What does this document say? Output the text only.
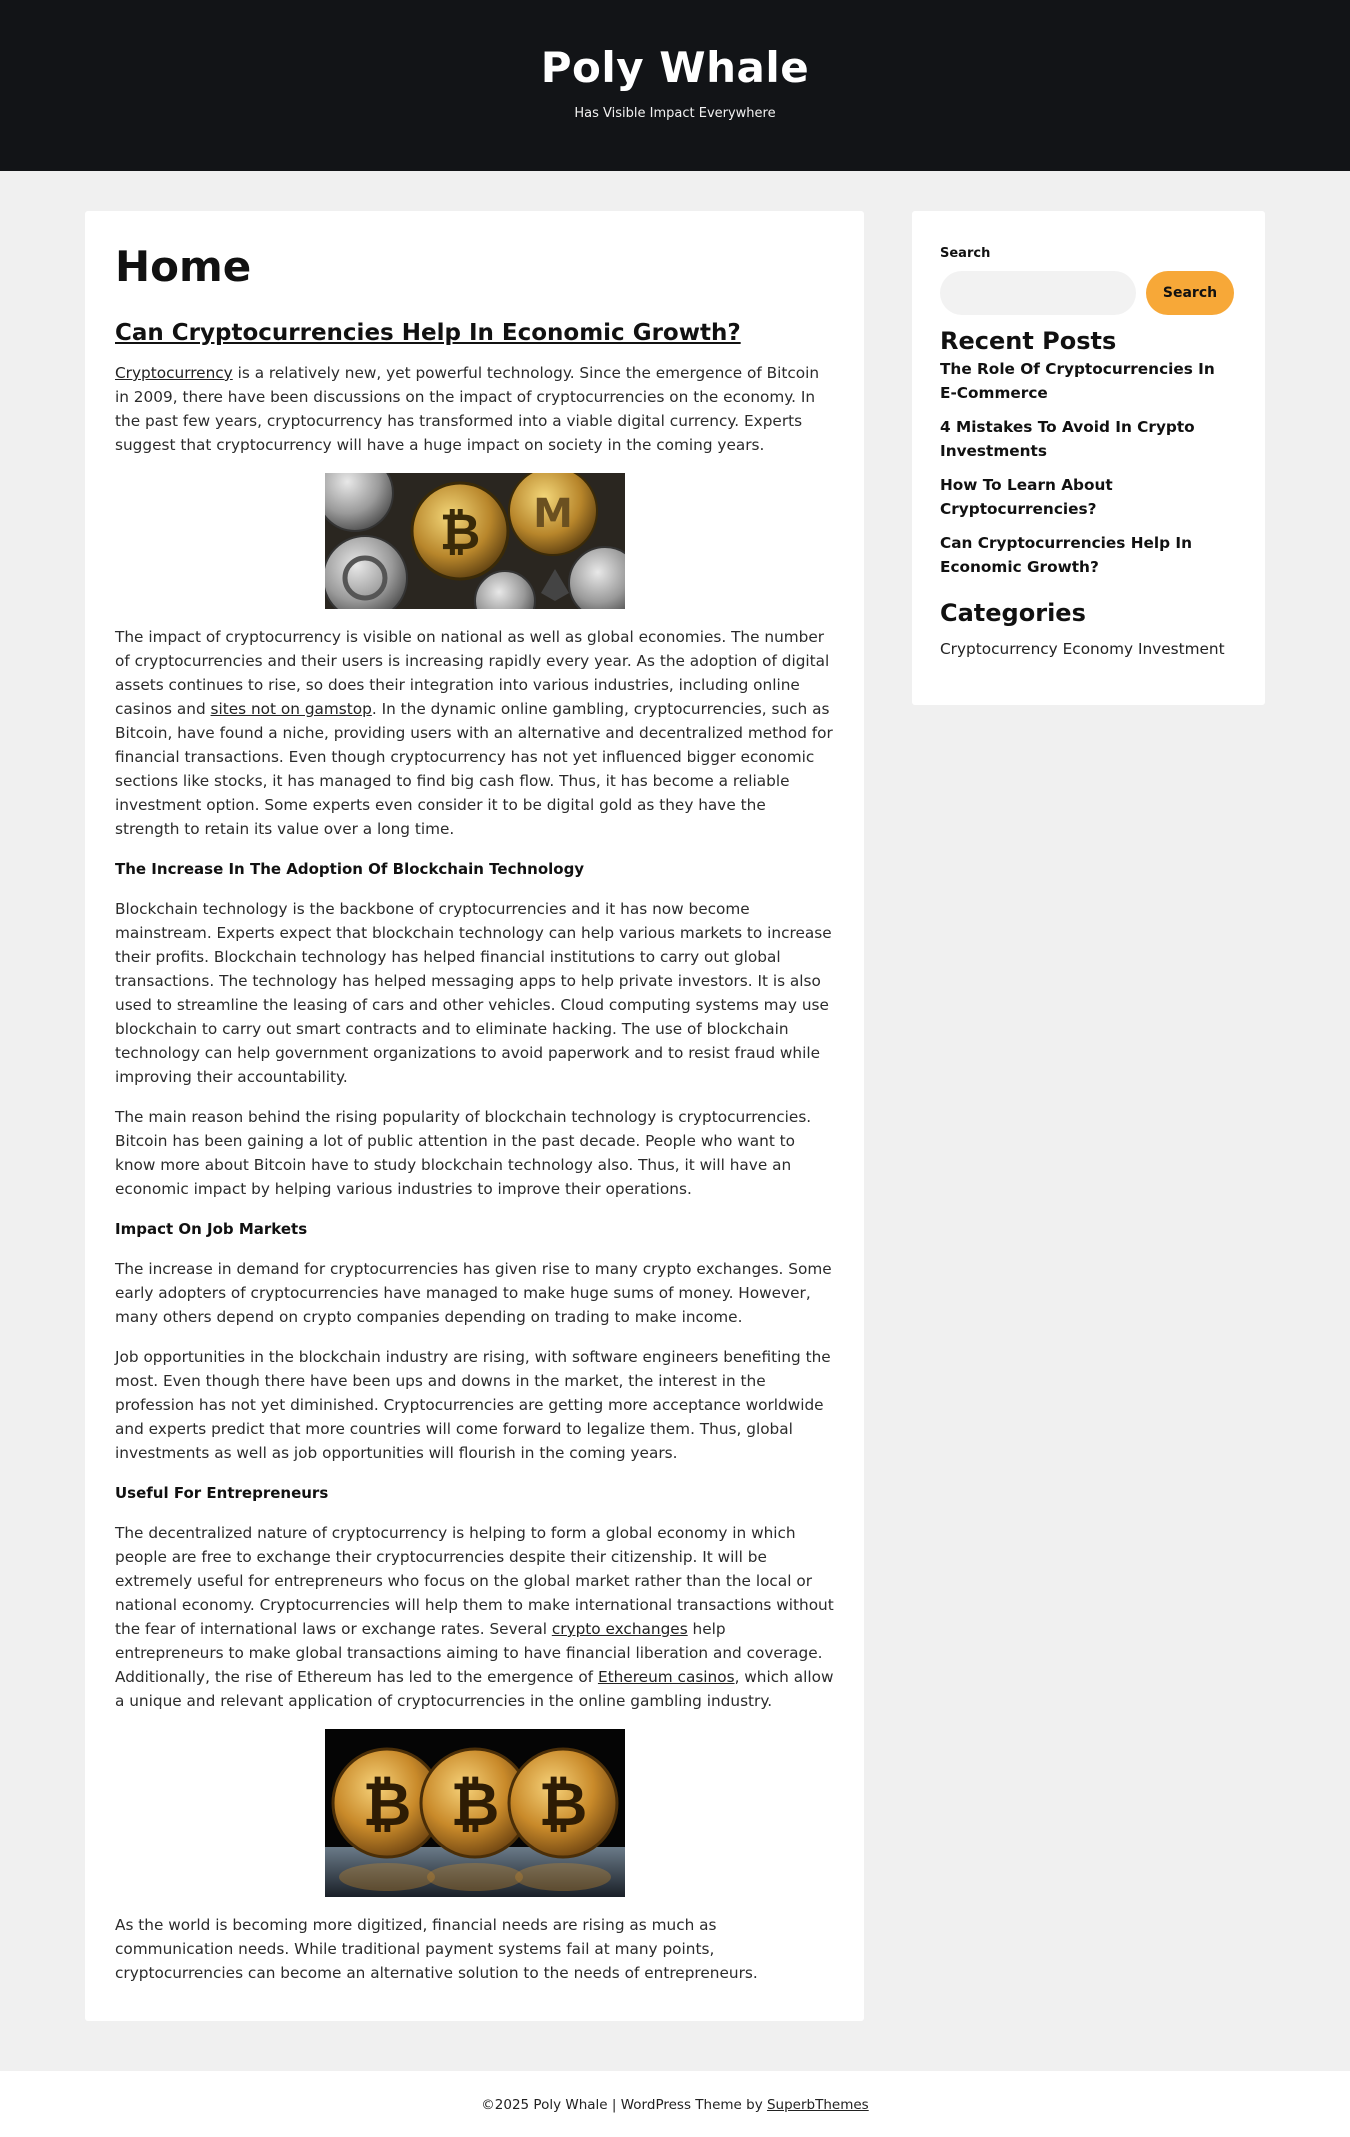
Poly Whale
Has Visible Impact Everywhere
Home
Can Cryptocurrencies Help In Economic Growth?

Cryptocurrency is a relatively new, yet powerful technology. Since the emergence of Bitcoin in 2009, there have been discussions on the impact of cryptocurrencies on the economy. In the past few years, cryptocurrency has transformed into a viable digital currency. Experts suggest that cryptocurrency will have a huge impact on society in the coming years.

₿ M

The impact of cryptocurrency is visible on national as well as global economies. The number of cryptocurrencies and their users is increasing rapidly every year. As the adoption of digital assets continues to rise, so does their integration into various industries, including online casinos and sites not on gamstop. In the dynamic online gambling, cryptocurrencies, such as Bitcoin, have found a niche, providing users with an alternative and decentralized method for financial transactions. Even though cryptocurrency has not yet influenced bigger economic sections like stocks, it has managed to find big cash flow. Thus, it has become a reliable investment option. Some experts even consider it to be digital gold as they have the strength to retain its value over a long time.

The Increase In The Adoption Of Blockchain Technology

Blockchain technology is the backbone of cryptocurrencies and it has now become mainstream. Experts expect that blockchain technology can help various markets to increase their profits. Blockchain technology has helped financial institutions to carry out global transactions. The technology has helped messaging apps to help private investors. It is also used to streamline the leasing of cars and other vehicles. Cloud computing systems may use blockchain to carry out smart contracts and to eliminate hacking. The use of blockchain technology can help government organizations to avoid paperwork and to resist fraud while improving their accountability.

The main reason behind the rising popularity of blockchain technology is cryptocurrencies. Bitcoin has been gaining a lot of public attention in the past decade. People who want to know more about Bitcoin have to study blockchain technology also. Thus, it will have an economic impact by helping various industries to improve their operations.

Impact On Job Markets

The increase in demand for cryptocurrencies has given rise to many crypto exchanges. Some early adopters of cryptocurrencies have managed to make huge sums of money. However, many others depend on crypto companies depending on trading to make income.

Job opportunities in the blockchain industry are rising, with software engineers benefiting the most. Even though there have been ups and downs in the market, the interest in the profession has not yet diminished. Cryptocurrencies are getting more acceptance worldwide and experts predict that more countries will come forward to legalize them. Thus, global investments as well as job opportunities will flourish in the coming years.

Useful For Entrepreneurs

The decentralized nature of cryptocurrency is helping to form a global economy in which people are free to exchange their cryptocurrencies despite their citizenship. It will be extremely useful for entrepreneurs who focus on the global market rather than the local or national economy. Cryptocurrencies will help them to make international transactions without the fear of international laws or exchange rates. Several crypto exchanges help entrepreneurs to make global transactions aiming to have financial liberation and coverage. Additionally, the rise of Ethereum has led to the emergence of Ethereum casinos, which allow a unique and relevant application of cryptocurrencies in the online gambling industry.

₿ ₿ ₿

As the world is becoming more digitized, financial needs are rising as much as communication needs. While traditional payment systems fail at many points, cryptocurrencies can become an alternative solution to the needs of entrepreneurs.

Search
Search
Recent Posts
The Role Of Cryptocurrencies In E-Commerce
4 Mistakes To Avoid In Crypto Investments
How To Learn About Cryptocurrencies?
Can Cryptocurrencies Help In Economic Growth?
Categories
Cryptocurrency Economy Investment
©2025 Poly Whale | WordPress Theme by SuperbThemes
